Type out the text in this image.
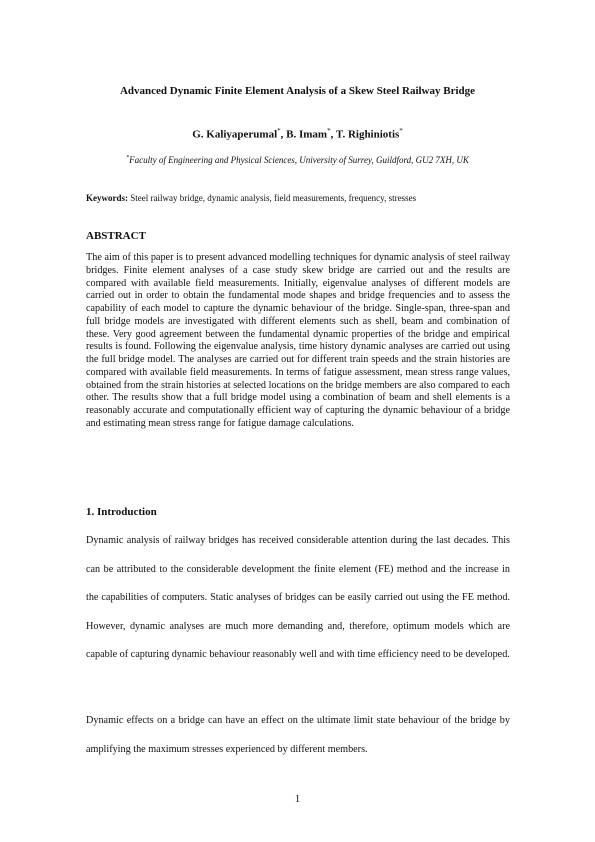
Advanced Dynamic Finite Element Analysis of a Skew Steel Railway Bridge
G. Kaliyaperumal*, B. Imam*, T. Righiniotis*
*Faculty of Engineering and Physical Sciences, University of Surrey, Guildford, GU2 7XH, UK
Keywords: Steel railway bridge, dynamic analysis, field measurements, frequency, stresses
ABSTRACT
The aim of this paper is to present advanced modelling techniques for dynamic analysis of steel railway bridges. Finite element analyses of a case study skew bridge are carried out and the results are compared with available field measurements. Initially, eigenvalue analyses of different models are carried out in order to obtain the fundamental mode shapes and bridge frequencies and to assess the capability of each model to capture the dynamic behaviour of the bridge. Single-span, three-span and full bridge models are investigated with different elements such as shell, beam and combination of these. Very good agreement between the fundamental dynamic properties of the bridge and empirical results is found. Following the eigenvalue analysis, time history dynamic analyses are carried out using the full bridge model. The analyses are carried out for different train speeds and the strain histories are compared with available field measurements. In terms of fatigue assessment, mean stress range values, obtained from the strain histories at selected locations on the bridge members are also compared to each other. The results show that a full bridge model using a combination of beam and shell elements is a reasonably accurate and computationally efficient way of capturing the dynamic behaviour of a bridge and estimating mean stress range for fatigue damage calculations.
1. Introduction
Dynamic analysis of railway bridges has received considerable attention during the last decades. This can be attributed to the considerable development the finite element (FE) method and the increase in the capabilities of computers. Static analyses of bridges can be easily carried out using the FE method. However, dynamic analyses are much more demanding and, therefore, optimum models which are capable of capturing dynamic behaviour reasonably well and with time efficiency need to be developed.
Dynamic effects on a bridge can have an effect on the ultimate limit state behaviour of the bridge by amplifying the maximum stresses experienced by different members.
1
